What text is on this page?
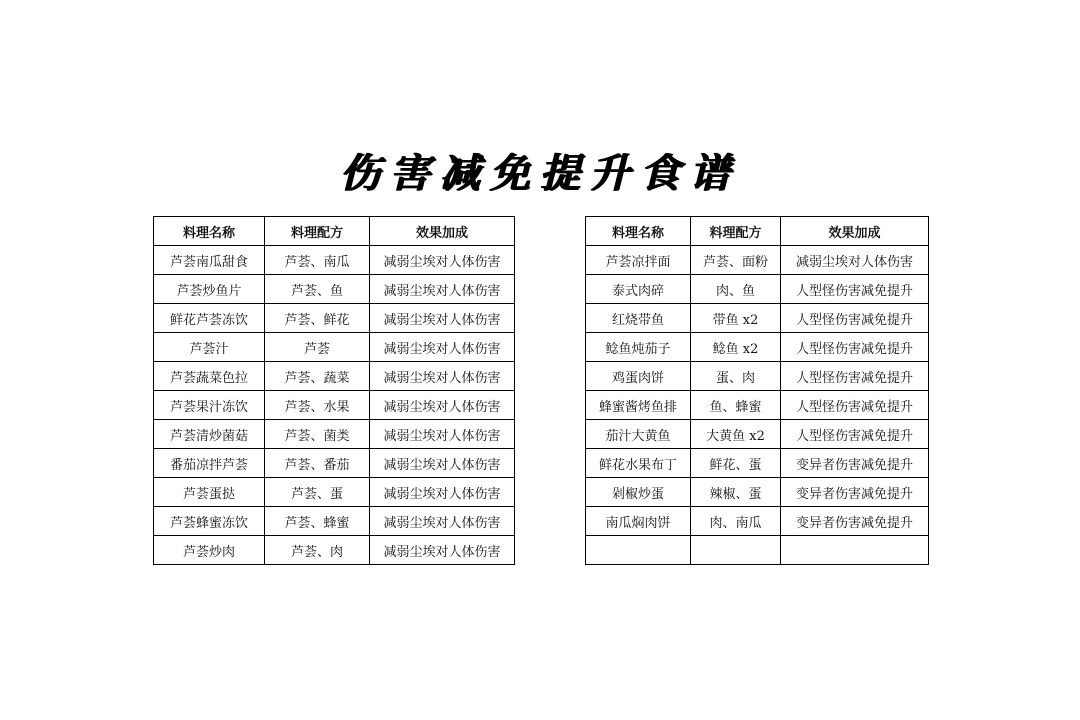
伤害减免提升食谱
料理名称	料理配方	效果加成
芦荟南瓜甜食	芦荟、南瓜	减弱尘埃对人体伤害
芦荟炒鱼片	芦荟、鱼	减弱尘埃对人体伤害
鲜花芦荟冻饮	芦荟、鲜花	减弱尘埃对人体伤害
芦荟汁	芦荟	减弱尘埃对人体伤害
芦荟蔬菜色拉	芦荟、蔬菜	减弱尘埃对人体伤害
芦荟果汁冻饮	芦荟、水果	减弱尘埃对人体伤害
芦荟清炒菌菇	芦荟、菌类	减弱尘埃对人体伤害
番茄凉拌芦荟	芦荟、番茄	减弱尘埃对人体伤害
芦荟蛋挞	芦荟、蛋	减弱尘埃对人体伤害
芦荟蜂蜜冻饮	芦荟、蜂蜜	减弱尘埃对人体伤害
芦荟炒肉	芦荟、肉	减弱尘埃对人体伤害
料理名称	料理配方	效果加成
芦荟凉拌面	芦荟、面粉	减弱尘埃对人体伤害
泰式肉碎	肉、鱼	人型怪伤害减免提升
红烧带鱼	带鱼 x2	人型怪伤害减免提升
鲶鱼炖茄子	鲶鱼 x2	人型怪伤害减免提升
鸡蛋肉饼	蛋、肉	人型怪伤害减免提升
蜂蜜酱烤鱼排	鱼、蜂蜜	人型怪伤害减免提升
茄汁大黄鱼	大黄鱼 x2	人型怪伤害减免提升
鲜花水果布丁	鲜花、蛋	变异者伤害减免提升
剁椒炒蛋	辣椒、蛋	变异者伤害减免提升
南瓜焖肉饼	肉、南瓜	变异者伤害减免提升
